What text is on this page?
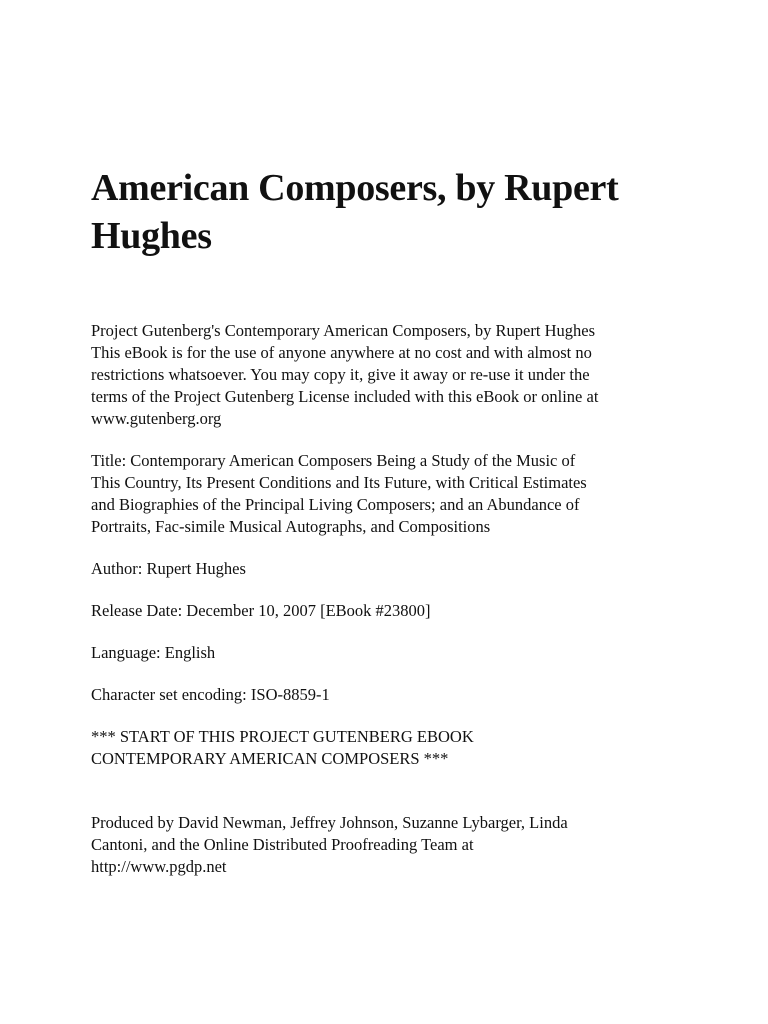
American Composers, by Rupert
Hughes

Project Gutenberg's Contemporary American Composers, by Rupert Hughes
This eBook is for the use of anyone anywhere at no cost and with almost no
restrictions whatsoever. You may copy it, give it away or re-use it under the
terms of the Project Gutenberg License included with this eBook or online at
www.gutenberg.org

Title: Contemporary American Composers Being a Study of the Music of
This Country, Its Present Conditions and Its Future, with Critical Estimates
and Biographies of the Principal Living Composers; and an Abundance of
Portraits, Fac-simile Musical Autographs, and Compositions

Author: Rupert Hughes

Release Date: December 10, 2007 [EBook #23800]

Language: English

Character set encoding: ISO-8859-1

*** START OF THIS PROJECT GUTENBERG EBOOK
CONTEMPORARY AMERICAN COMPOSERS ***

Produced by David Newman, Jeffrey Johnson, Suzanne Lybarger, Linda
Cantoni, and the Online Distributed Proofreading Team at
http://www.pgdp.net
